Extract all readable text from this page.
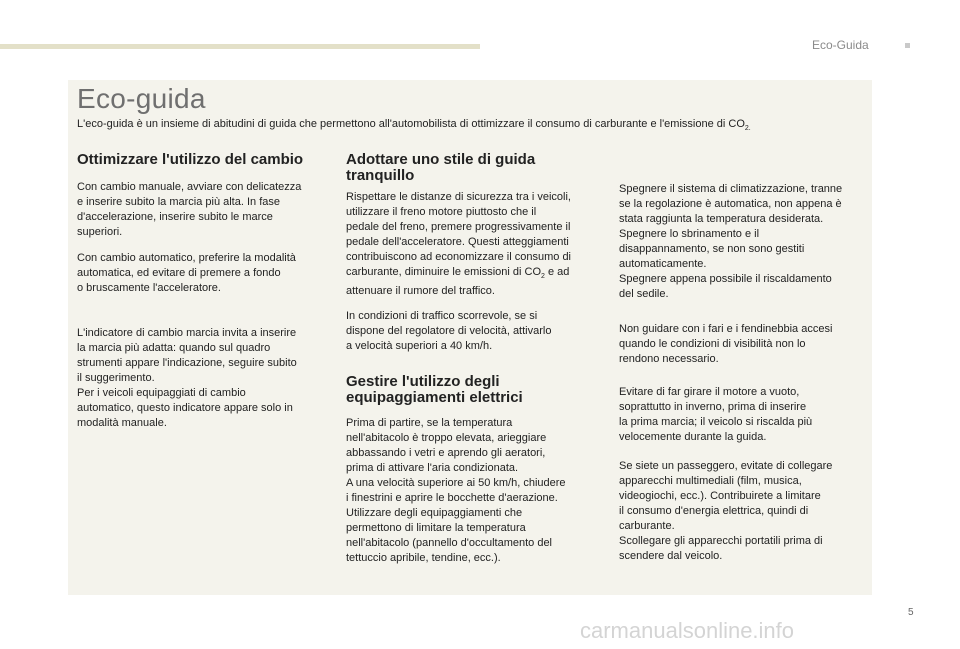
Eco-Guida
Eco-guida
L'eco-guida è un insieme di abitudini di guida che permettono all'automobilista di ottimizzare il consumo di carburante e l'emissione di $CO_{2.}$
Ottimizzare l'utilizzo del cambio
Con cambio manuale, avviare con delicatezza
e inserire subito la marcia più alta. In fase
d'accelerazione, inserire subito le marce
superiori.
Con cambio automatico, preferire la modalità
automatica, ed evitare di premere a fondo
o bruscamente l'acceleratore.
L'indicatore di cambio marcia invita a inserire
la marcia più adatta: quando sul quadro
strumenti appare l'indicazione, seguire subito
il suggerimento.
Per i veicoli equipaggiati di cambio
automatico, questo indicatore appare solo in
modalità manuale.
Adottare uno stile di guida
tranquillo
Rispettare le distanze di sicurezza tra i veicoli,
utilizzare il freno motore piuttosto che il
pedale del freno, premere progressivamente il
pedale dell'acceleratore. Questi atteggiamenti
contribuiscono ad economizzare il consumo di
carburante, diminuire le emissioni di $CO_2$ e ad
attenuare il rumore del traffico.
In condizioni di traffico scorrevole, se si
dispone del regolatore di velocità, attivarlo
a velocità superiori a 40 km/h.
Gestire l'utilizzo degli
equipaggiamenti elettrici
Prima di partire, se la temperatura
nell'abitacolo è troppo elevata, arieggiare
abbassando i vetri e aprendo gli aeratori,
prima di attivare l'aria condizionata.
A una velocità superiore ai 50 km/h, chiudere
i finestrini e aprire le bocchette d'aerazione.
Utilizzare degli equipaggiamenti che
permettono di limitare la temperatura
nell'abitacolo (pannello d'occultamento del
tettuccio apribile, tendine, ecc.).
Spegnere il sistema di climatizzazione, tranne
se la regolazione è automatica, non appena è
stata raggiunta la temperatura desiderata.
Spegnere lo sbrinamento e il
disappannamento, se non sono gestiti
automaticamente.
Spegnere appena possibile il riscaldamento
del sedile.
Non guidare con i fari e i fendinebbia accesi
quando le condizioni di visibilità non lo
rendono necessario.
Evitare di far girare il motore a vuoto,
soprattutto in inverno, prima di inserire
la prima marcia; il veicolo si riscalda più
velocemente durante la guida.
Se siete un passeggero, evitate di collegare
apparecchi multimediali (film, musica,
videogiochi, ecc.). Contribuirete a limitare
il consumo d'energia elettrica, quindi di
carburante.
Scollegare gli apparecchi portatili prima di
scendere dal veicolo.
5
carmanualsonline.info
